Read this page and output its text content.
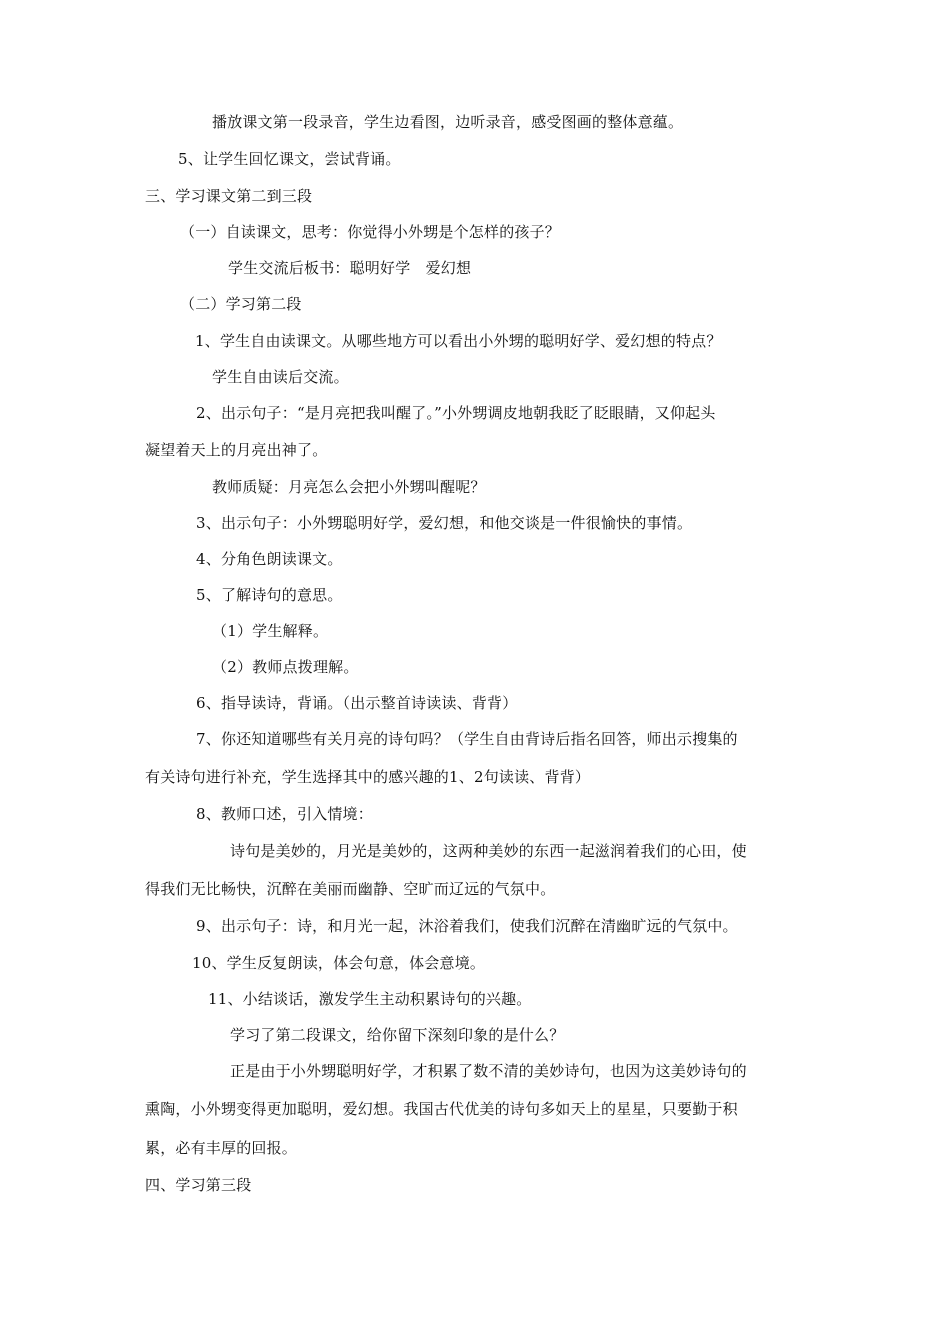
播放课文第一段录音，学生边看图，边听录音，感受图画的整体意蕴。
5、让学生回忆课文，尝试背诵。
三、学习课文第二到三段
（一）自读课文，思考：你觉得小外甥是个怎样的孩子？
学生交流后板书：聪明好学　爱幻想
（二）学习第二段
1、学生自由读课文。从哪些地方可以看出小外甥的聪明好学、爱幻想的特点？
学生自由读后交流。
2、出示句子：“是月亮把我叫醒了。”小外甥调皮地朝我眨了眨眼睛，又仰起头
凝望着天上的月亮出神了。
教师质疑：月亮怎么会把小外甥叫醒呢？
3、出示句子：小外甥聪明好学，爱幻想，和他交谈是一件很愉快的事情。
4、分角色朗读课文。
5、了解诗句的意思。
（1）学生解释。
（2）教师点拨理解。
6、指导读诗，背诵。（出示整首诗读读、背背）
7、你还知道哪些有关月亮的诗句吗？（学生自由背诗后指名回答，师出示搜集的
有关诗句进行补充，学生选择其中的感兴趣的1、2句读读、背背）
8、教师口述，引入情境：
诗句是美妙的，月光是美妙的，这两种美妙的东西一起滋润着我们的心田，使
得我们无比畅快，沉醉在美丽而幽静、空旷而辽远的气氛中。
9、出示句子：诗，和月光一起，沐浴着我们，使我们沉醉在清幽旷远的气氛中。
10、学生反复朗读，体会句意，体会意境。
11、小结谈话，激发学生主动积累诗句的兴趣。
学习了第二段课文，给你留下深刻印象的是什么？
正是由于小外甥聪明好学，才积累了数不清的美妙诗句，也因为这美妙诗句的
熏陶，小外甥变得更加聪明，爱幻想。我国古代优美的诗句多如天上的星星，只要勤于积
累，必有丰厚的回报。
四、学习第三段
